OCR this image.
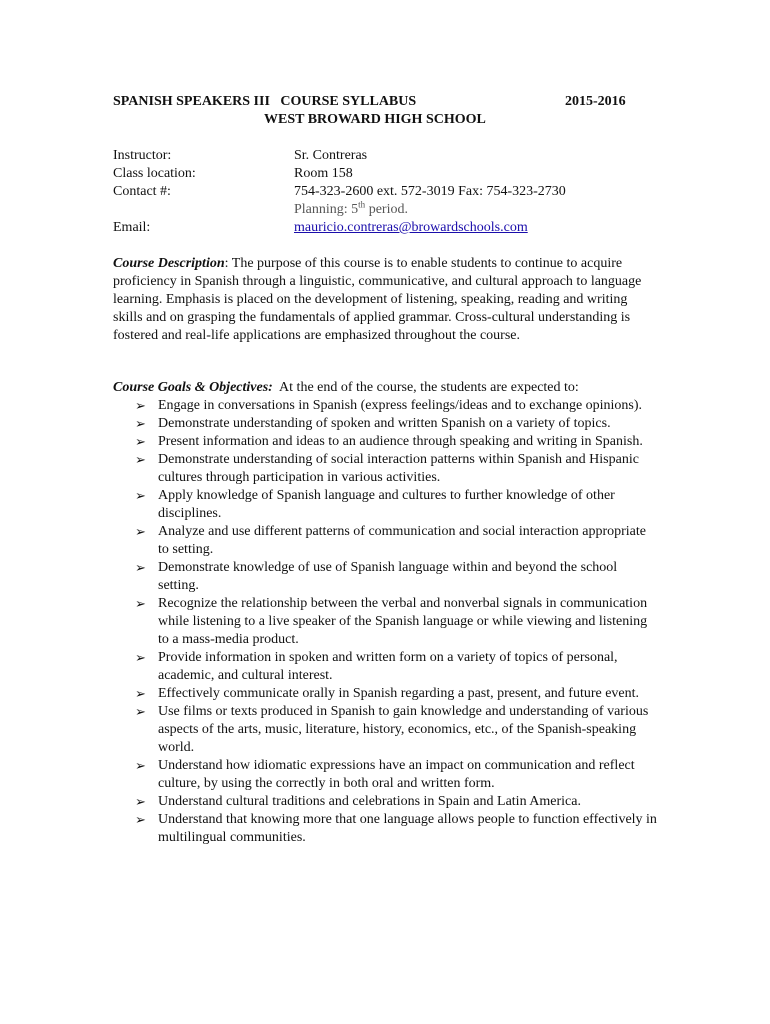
SPANISH SPEAKERS III   COURSE SYLLABUS	2015-2016
WEST BROWARD HIGH SCHOOL
Instructor:	Sr. Contreras
Class location:	Room 158
Contact #:	754-323-2600 ext. 572-3019 Fax: 754-323-2730
Planning: 5th period.
Email:	mauricio.contreras@browardschools.com
Course Description: The purpose of this course is to enable students to continue to acquire proficiency in Spanish through a linguistic, communicative, and cultural approach to language learning. Emphasis is placed on the development of listening, speaking, reading and writing skills and on grasping the fundamentals of applied grammar. Cross-cultural understanding is fostered and real-life applications are emphasized throughout the course.
Course Goals & Objectives:  At the end of the course, the students are expected to:
➢ Engage in conversations in Spanish (express feelings/ideas and to exchange opinions).
➢ Demonstrate understanding of spoken and written Spanish on a variety of topics.
➢ Present information and ideas to an audience through speaking and writing in Spanish.
➢ Demonstrate understanding of social interaction patterns within Spanish and Hispanic cultures through participation in various activities.
➢ Apply knowledge of Spanish language and cultures to further knowledge of other disciplines.
➢ Analyze and use different patterns of communication and social interaction appropriate to setting.
➢ Demonstrate knowledge of use of Spanish language within and beyond the school setting.
➢ Recognize the relationship between the verbal and nonverbal signals in communication while listening to a live speaker of the Spanish language or while viewing and listening to a mass-media product.
➢ Provide information in spoken and written form on a variety of topics of personal, academic, and cultural interest.
➢ Effectively communicate orally in Spanish regarding a past, present, and future event.
➢ Use films or texts produced in Spanish to gain knowledge and understanding of various aspects of the arts, music, literature, history, economics, etc., of the Spanish-speaking world.
➢ Understand how idiomatic expressions have an impact on communication and reflect culture, by using the correctly in both oral and written form.
➢ Understand cultural traditions and celebrations in Spain and Latin America.
➢ Understand that knowing more that one language allows people to function effectively in multilingual communities.
